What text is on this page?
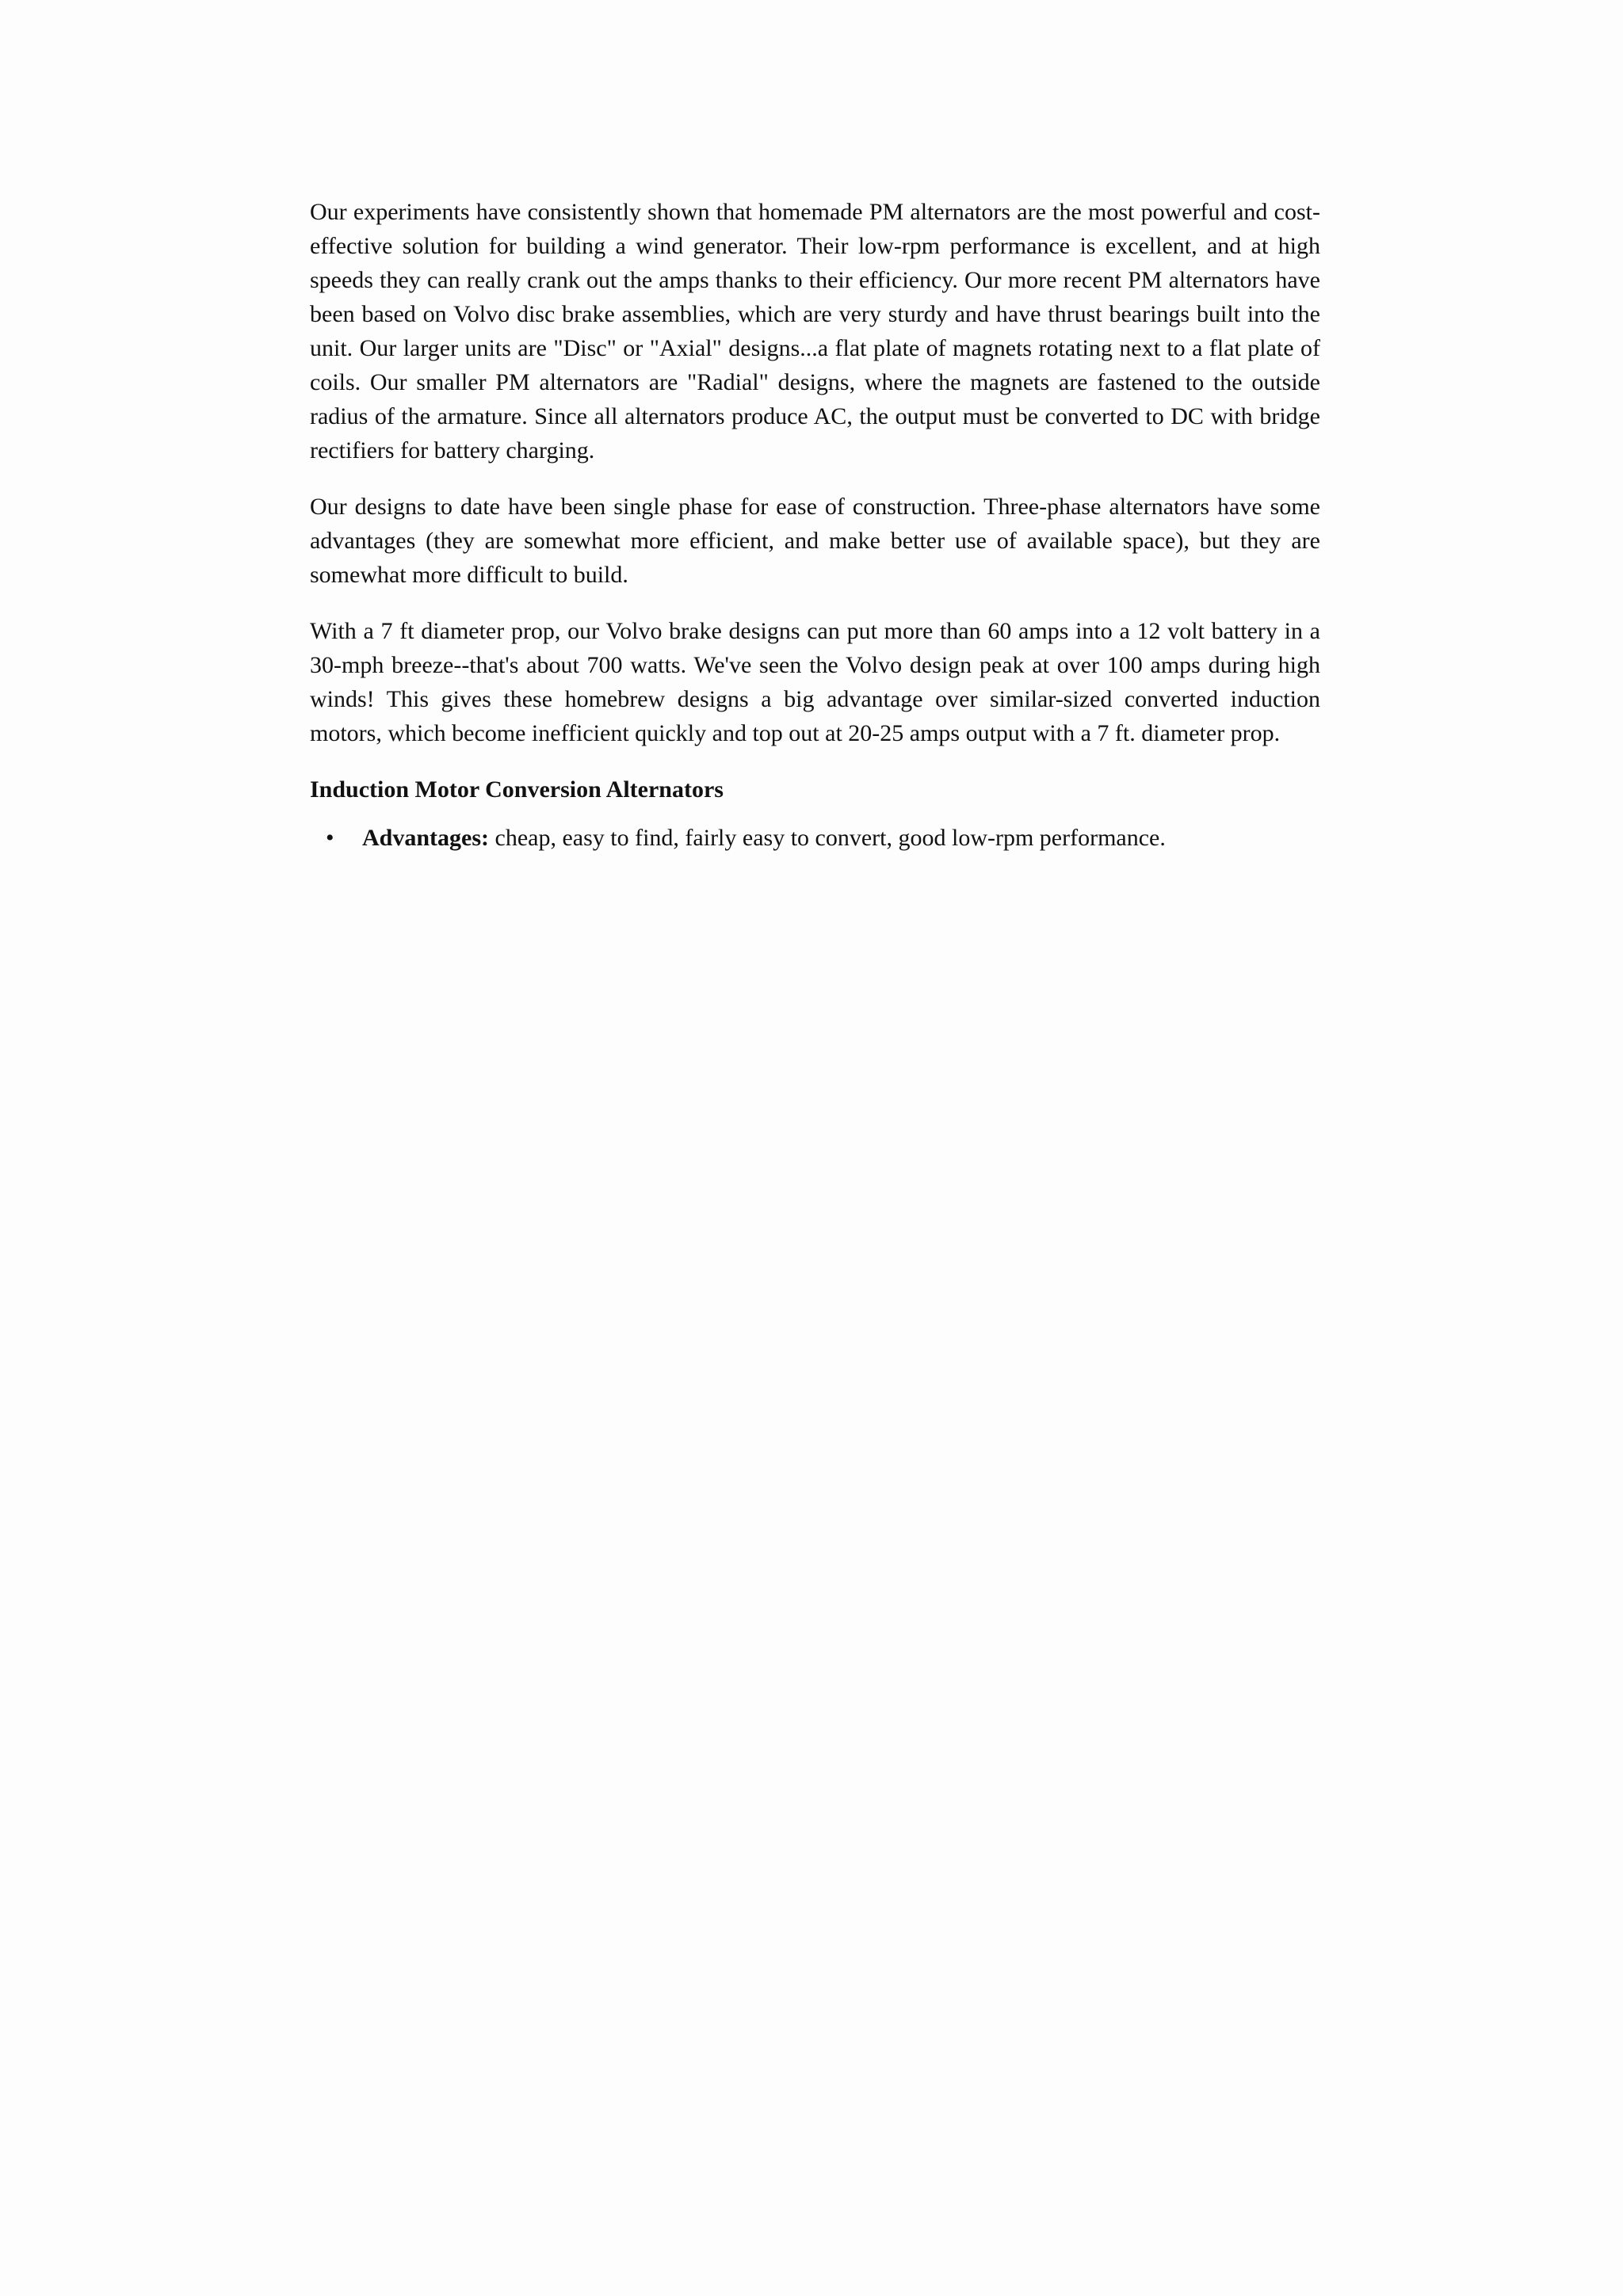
Our experiments have consistently shown that homemade PM alternators are the most powerful and cost-effective solution for building a wind generator. Their low-rpm performance is excellent, and at high speeds they can really crank out the amps thanks to their efficiency. Our more recent PM alternators have been based on Volvo disc brake assemblies, which are very sturdy and have thrust bearings built into the unit. Our larger units are "Disc" or "Axial" designs...a flat plate of magnets rotating next to a flat plate of coils. Our smaller PM alternators are "Radial" designs, where the magnets are fastened to the outside radius of the armature. Since all alternators produce AC, the output must be converted to DC with bridge rectifiers for battery charging.

Our designs to date have been single phase for ease of construction. Three-phase alternators have some advantages (they are somewhat more efficient, and make better use of available space), but they are somewhat more difficult to build.

With a 7 ft diameter prop, our Volvo brake designs can put more than 60 amps into a 12 volt battery in a 30-mph breeze--that's about 700 watts. We've seen the Volvo design peak at over 100 amps during high winds! This gives these homebrew designs a big advantage over similar-sized converted induction motors, which become inefficient quickly and top out at 20-25 amps output with a 7 ft. diameter prop.

Induction Motor Conversion Alternators
• Advantages: cheap, easy to find, fairly easy to convert, good low-rpm performance.
